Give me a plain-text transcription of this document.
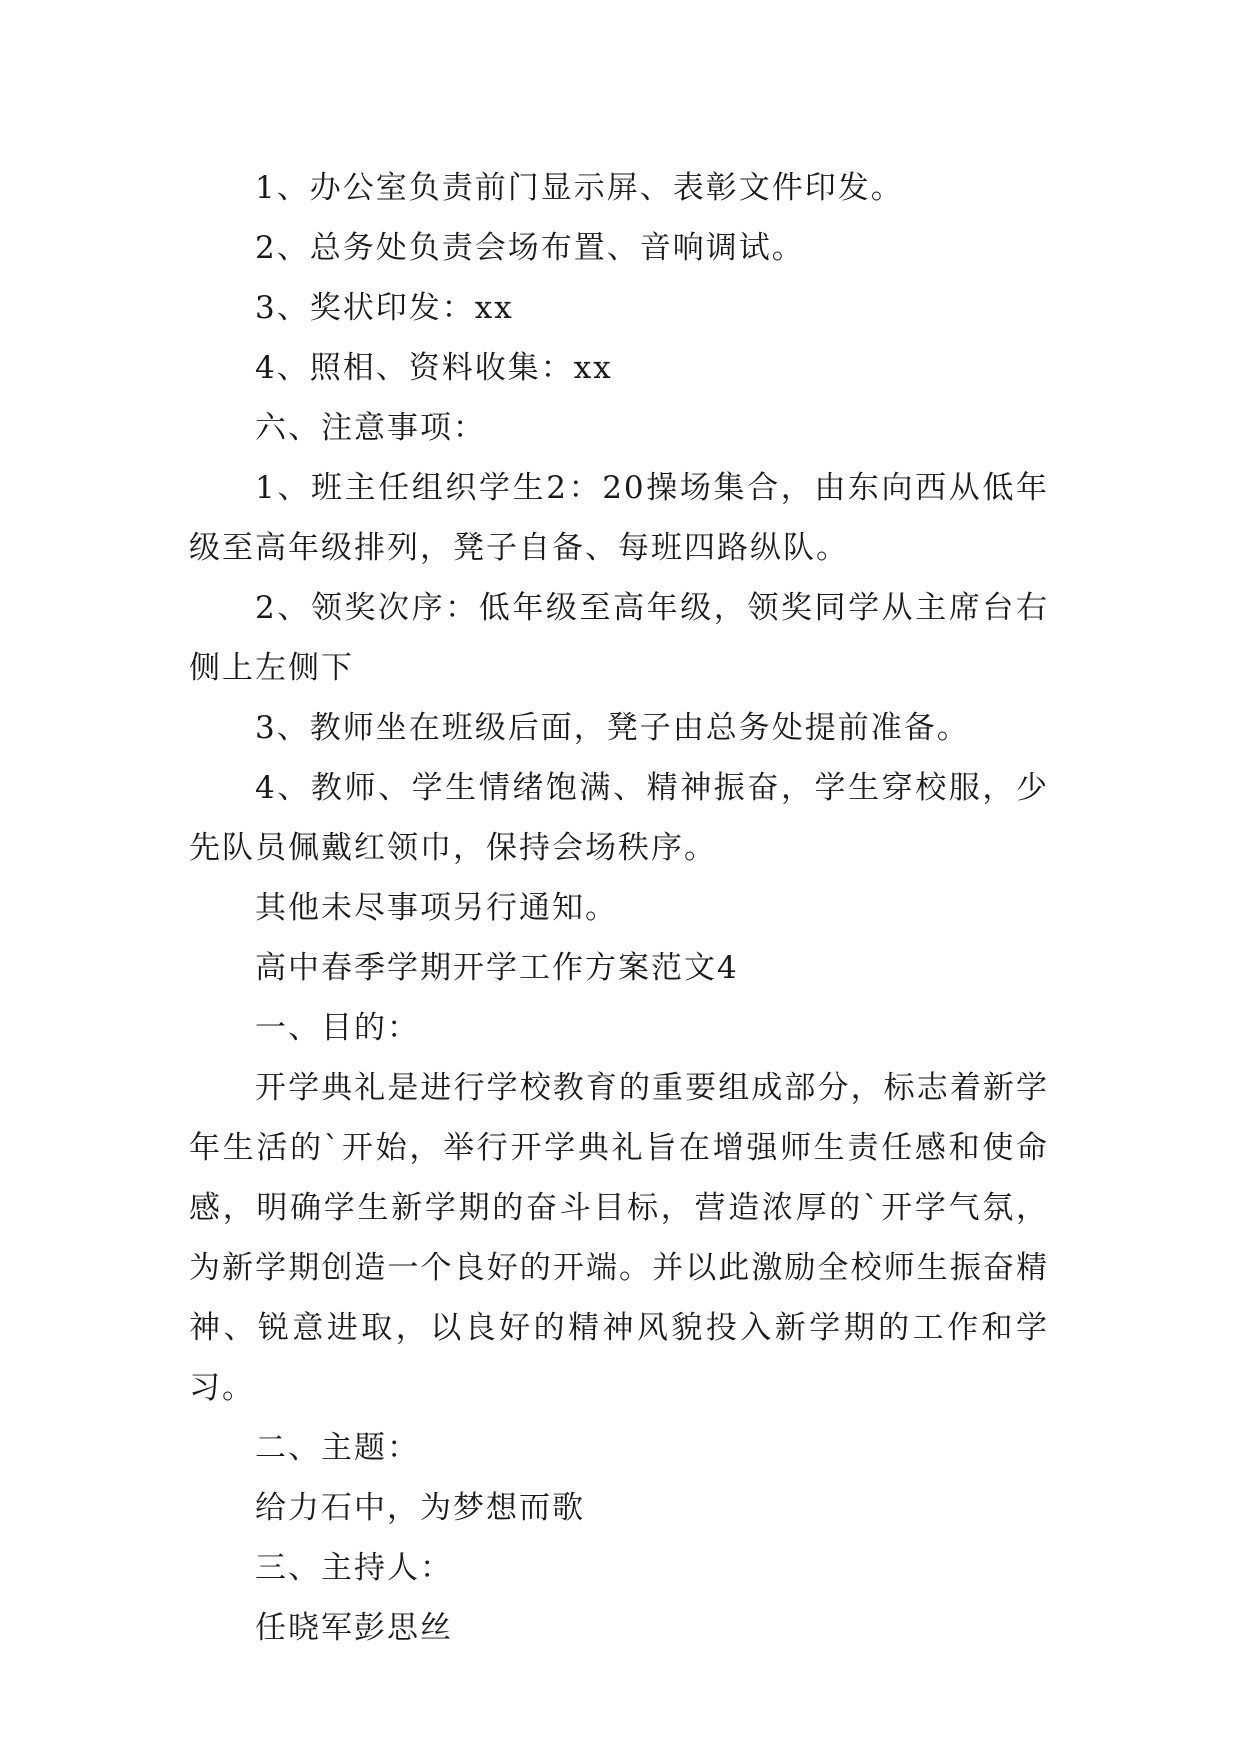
1、办公室负责前门显示屏、表彰文件印发。

2、总务处负责会场布置、音响调试。

3、奖状印发：xx

4、照相、资料收集：xx

六、注意事项：

1、班主任组织学生2：20操场集合，由东向西从低年级至高年级排列，凳子自备、每班四路纵队。

2、领奖次序：低年级至高年级，领奖同学从主席台右侧上左侧下

3、教师坐在班级后面，凳子由总务处提前准备。

4、教师、学生情绪饱满、精神振奋，学生穿校服，少先队员佩戴红领巾，保持会场秩序。

其他未尽事项另行通知。

高中春季学期开学工作方案范文4

一、目的：

开学典礼是进行学校教育的重要组成部分，标志着新学年生活的`开始，举行开学典礼旨在增强师生责任感和使命感，明确学生新学期的奋斗目标，营造浓厚的`开学气氛，为新学期创造一个良好的开端。并以此激励全校师生振奋精神、锐意进取，以良好的精神风貌投入新学期的工作和学习。

二、主题：

给力石中，为梦想而歌

三、主持人：

任晓军彭思丝
